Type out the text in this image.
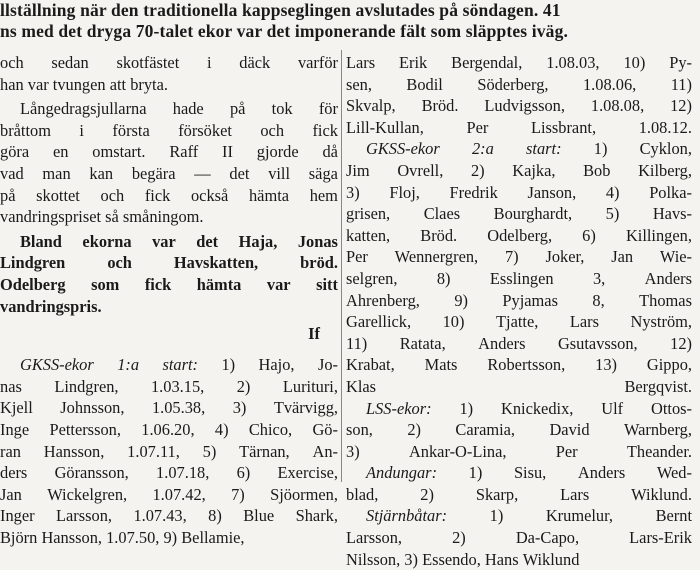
llställning när den traditionella kappseglingen avslutades på söndagen. 41
ns med det dryga 70-talet ekor var det imponerande fält som släpptes iväg.
och sedan skotfästet i däck varför
han var tvungen att bryta.
Långedragsjullarna hade på tok för
bråttom i första försöket och fick
göra en omstart. Raff II gjorde då
vad man kan begära — det vill säga
på skottet och fick också hämta hem
vandringspriset så småningom.
Bland ekorna var det Haja, Jonas
Lindgren	och	Havskatten,	bröd.
Odelberg som fick hämta var sitt
vandringspris.
If
GKSS-ekor 1:a start: 1) Hajo, Jo-
nas Lindgren, 1.03.15, 2) Lurituri,
Kjell Johnsson, 1.05.38, 3) Tvärvigg,
Inge Pettersson, 1.06.20, 4) Chico, Gö-
ran Hansson, 1.07.11, 5) Tärnan, An-
ders Göransson, 1.07.18, 6) Exercise,
Jan Wickelgren, 1.07.42, 7) Sjöormen,
Inger Larsson, 1.07.43, 8) Blue Shark,
Björn Hansson, 1.07.50, 9) Bellamie,
Lars Erik Bergendal, 1.08.03, 10) Py-
sen, Bodil Söderberg, 1.08.06, 11)
Skvalp, Bröd. Ludvigsson, 1.08.08, 12)
Lill-Kullan,	Per	Lissbrant,	1.08.12.
GKSS-ekor 2:a start: 1) Cyklon,
Jim Ovrell, 2) Kajka, Bob Kilberg,
3) Floj, Fredrik Janson, 4) Polka-
grisen, Claes Bourghardt, 5) Havs-
katten, Bröd. Odelberg, 6) Killingen,
Per Wennergren, 7) Joker, Jan Wie-
selgren, 8) Esslingen 3, Anders
Ahrenberg, 9) Pyjamas 8, Thomas
Garellick, 10) Tjatte, Lars Nyström,
11) Ratata, Anders Gsutavsson, 12)
Krabat, Mats Robertsson, 13) Gippo,
Klas	Bergqvist.
LSS-ekor: 1) Knickedix, Ulf Ottos-
son, 2) Caramia, David Warnberg,
3)	Ankar-O-Lina,	Per	Theander.
Andungar: 1) Sisu, Anders Wed-
blad,	2)	Skarp,	Lars	Wiklund.
Stjärnbåtar:	1)	Krumelur,	Bernt
Larsson,	2)	Da-Capo,	Lars-Erik
Nilsson, 3) Essendo, Hans Wiklund
